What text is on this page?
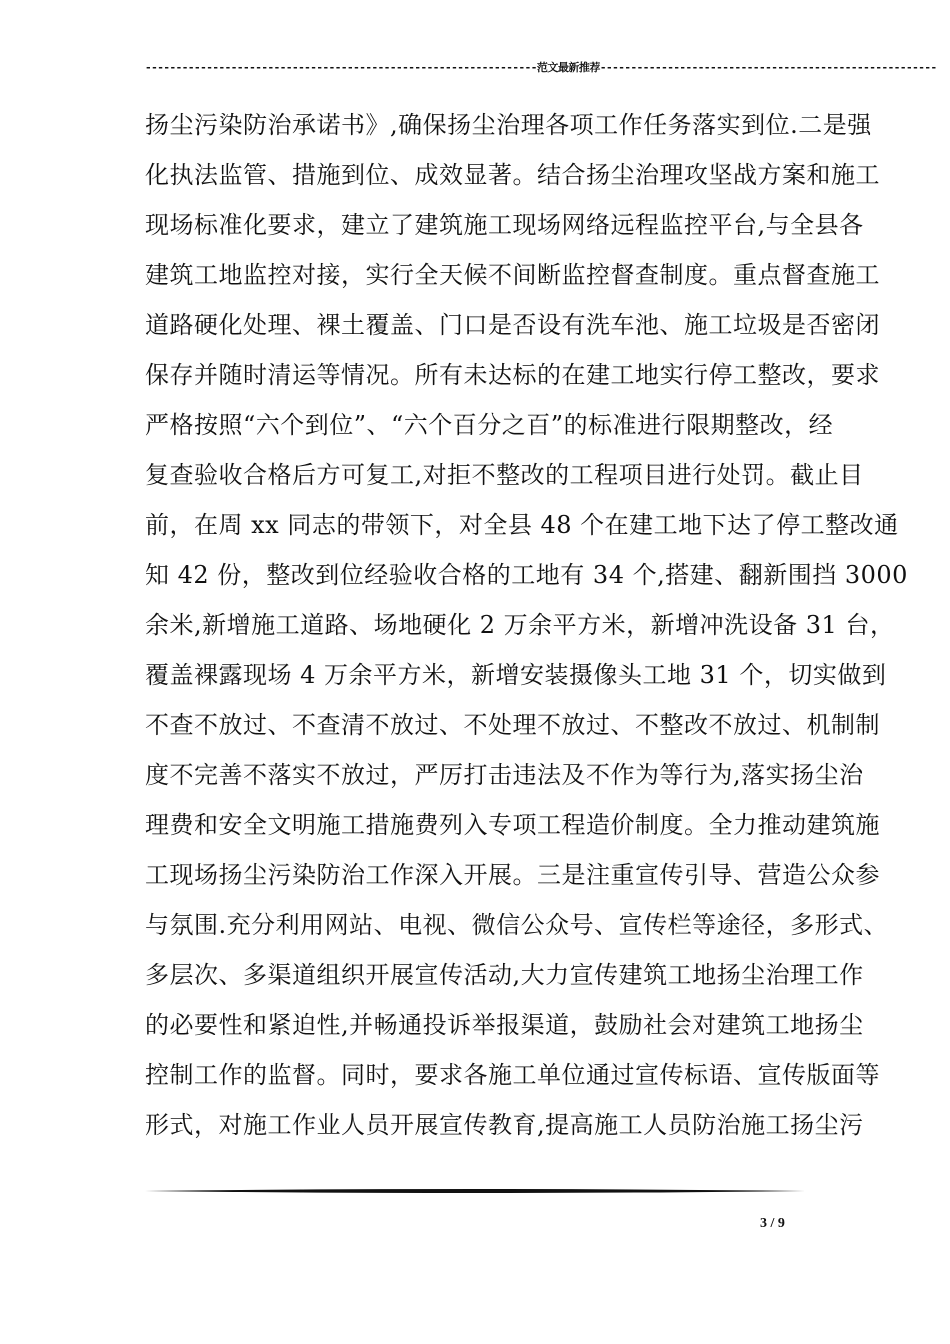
----------------------------------------------------------------范文最新推荐-------------------------------------------------------
扬尘污染防治承诺书》,确保扬尘治理各项工作任务落实到位.二是强
化执法监管、措施到位、成效显著。结合扬尘治理攻坚战方案和施工
现场标准化要求，建立了建筑施工现场网络远程监控平台,与全县各
建筑工地监控对接，实行全天候不间断监控督查制度。重点督查施工
道路硬化处理、裸土覆盖、门口是否设有洗车池、施工垃圾是否密闭
保存并随时清运等情况。所有未达标的在建工地实行停工整改，要求
严格按照“六个到位”、“六个百分之百”的标准进行限期整改，经
复查验收合格后方可复工,对拒不整改的工程项目进行处罚。截止目
前，在周 xx 同志的带领下，对全县 48 个在建工地下达了停工整改通
知 42 份，整改到位经验收合格的工地有 34 个,搭建、翻新围挡 3000
余米,新增施工道路、场地硬化 2 万余平方米，新增冲洗设备 31 台，
覆盖裸露现场 4 万余平方米，新增安装摄像头工地 31 个，切实做到
不查不放过、不查清不放过、不处理不放过、不整改不放过、机制制
度不完善不落实不放过，严厉打击违法及不作为等行为,落实扬尘治
理费和安全文明施工措施费列入专项工程造价制度。全力推动建筑施
工现场扬尘污染防治工作深入开展。三是注重宣传引导、营造公众参
与氛围.充分利用网站、电视、微信公众号、宣传栏等途径，多形式、
多层次、多渠道组织开展宣传活动,大力宣传建筑工地扬尘治理工作
的必要性和紧迫性,并畅通投诉举报渠道，鼓励社会对建筑工地扬尘
控制工作的监督。同时，要求各施工单位通过宣传标语、宣传版面等
形式，对施工作业人员开展宣传教育,提高施工人员防治施工扬尘污
3 / 9
